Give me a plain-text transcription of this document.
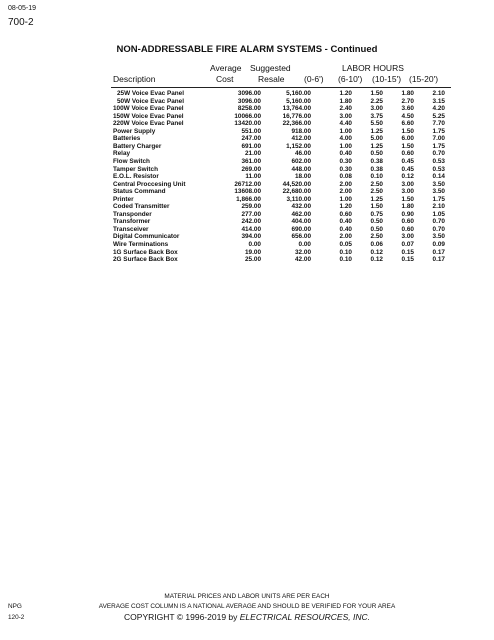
08-05-19
700-2
NON-ADDRESSABLE FIRE ALARM SYSTEMS - Continued
Average Suggested	LABOR HOURS
Description	Cost	Resale (0-6') (6-10') (10-15') (15-20')
25W Voice Evac Panel	3096.00	5,160.00	1.20	1.50	1.80	2.10
50W Voice Evac Panel	3096.00	5,160.00	1.80	2.25	2.70	3.15
100W Voice Evac Panel	8258.00	13,764.00	2.40	3.00	3.60	4.20
150W Voice Evac Panel	10066.00	16,776.00	3.00	3.75	4.50	5.25
220W Voice Evac Panel	13420.00	22,366.00	4.40	5.50	6.60	7.70
Power Supply	551.00	918.00	1.00	1.25	1.50	1.75
Batteries	247.00	412.00	4.00	5.00	6.00	7.00
Battery Charger	691.00	1,152.00	1.00	1.25	1.50	1.75
Relay	21.00	46.00	0.40	0.50	0.60	0.70
Flow Switch	361.00	602.00	0.30	0.38	0.45	0.53
Tamper Switch	269.00	448.00	0.30	0.38	0.45	0.53
E.O.L. Resistor	11.00	18.00	0.08	0.10	0.12	0.14
Central Proccesing Unit	26712.00	44,520.00	2.00	2.50	3.00	3.50
Status Command	13608.00	22,680.00	2.00	2.50	3.00	3.50
Printer	1,866.00	3,110.00	1.00	1.25	1.50	1.75
Coded Transmitter	259.00	432.00	1.20	1.50	1.80	2.10
Transponder	277.00	462.00	0.60	0.75	0.90	1.05
Transformer	242.00	404.00	0.40	0.50	0.60	0.70
Transceiver	414.00	690.00	0.40	0.50	0.60	0.70
Digital Communicator	394.00	656.00	2.00	2.50	3.00	3.50
Wire Terminations	0.00	0.00	0.05	0.06	0.07	0.09
1G Surface Back Box	19.00	32.00	0.10	0.12	0.15	0.17
2G Surface Back Box	25.00	42.00	0.10	0.12	0.15	0.17
MATERIAL PRICES AND LABOR UNITS ARE PER EACH
NPG	AVERAGE COST COLUMN IS A NATIONAL AVERAGE AND SHOULD BE VERIFIED FOR YOUR AREA
120-2	COPYRIGHT © 1996-2019 by ELECTRICAL RESOURCES, INC.
